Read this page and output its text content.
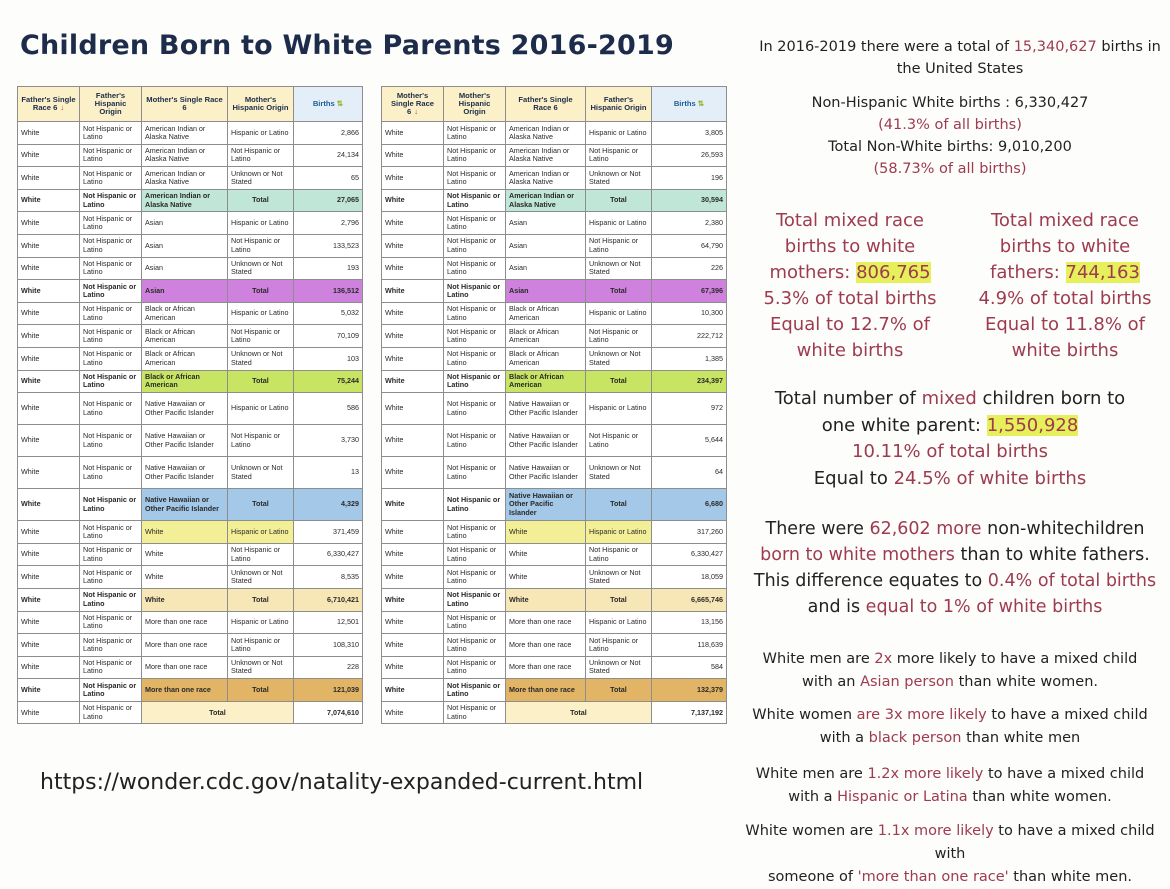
Children Born to White Parents 2016-2019
Father's Single Race 6 ↓	Father's Hispanic Origin	Mother's Single Race 6	Mother's Hispanic Origin	Births ⇅
White	Not Hispanic or Latino	American Indian or Alaska Native	Hispanic or Latino	2,866
White	Not Hispanic or Latino	American Indian or Alaska Native	Not Hispanic or Latino	24,134
White	Not Hispanic or Latino	American Indian or Alaska Native	Unknown or Not Stated	65
White	Not Hispanic or Latino	American Indian or Alaska Native	Total	27,065
White	Not Hispanic or Latino	Asian	Hispanic or Latino	2,796
White	Not Hispanic or Latino	Asian	Not Hispanic or Latino	133,523
White	Not Hispanic or Latino	Asian	Unknown or Not Stated	193
White	Not Hispanic or Latino	Asian	Total	136,512
White	Not Hispanic or Latino	Black or African American	Hispanic or Latino	5,032
White	Not Hispanic or Latino	Black or African American	Not Hispanic or Latino	70,109
White	Not Hispanic or Latino	Black or African American	Unknown or Not Stated	103
White	Not Hispanic or Latino	Black or African American	Total	75,244
White	Not Hispanic or Latino	Native Hawaiian or Other Pacific Islander	Hispanic or Latino	586
White	Not Hispanic or Latino	Native Hawaiian or Other Pacific Islander	Not Hispanic or Latino	3,730
White	Not Hispanic or Latino	Native Hawaiian or Other Pacific Islander	Unknown or Not Stated	13
White	Not Hispanic or Latino	Native Hawaiian or Other Pacific Islander	Total	4,329
White	Not Hispanic or Latino	White	Hispanic or Latino	371,459
White	Not Hispanic or Latino	White	Not Hispanic or Latino	6,330,427
White	Not Hispanic or Latino	White	Unknown or Not Stated	8,535
White	Not Hispanic or Latino	White	Total	6,710,421
White	Not Hispanic or Latino	More than one race	Hispanic or Latino	12,501
White	Not Hispanic or Latino	More than one race	Not Hispanic or Latino	108,310
White	Not Hispanic or Latino	More than one race	Unknown or Not Stated	228
White	Not Hispanic or Latino	More than one race	Total	121,039
White	Not Hispanic or Latino	Total		7,074,610
Mother's Single Race 6 ↓	Mother's Hispanic Origin	Father's Single Race 6	Father's Hispanic Origin	Births ⇅
White	Not Hispanic or Latino	American Indian or Alaska Native	Hispanic or Latino	3,805
White	Not Hispanic or Latino	American Indian or Alaska Native	Not Hispanic or Latino	26,593
White	Not Hispanic or Latino	American Indian or Alaska Native	Unknown or Not Stated	196
White	Not Hispanic or Latino	American Indian or Alaska Native	Total	30,594
White	Not Hispanic or Latino	Asian	Hispanic or Latino	2,380
White	Not Hispanic or Latino	Asian	Not Hispanic or Latino	64,790
White	Not Hispanic or Latino	Asian	Unknown or Not Stated	226
White	Not Hispanic or Latino	Asian	Total	67,396
White	Not Hispanic or Latino	Black or African American	Hispanic or Latino	10,300
White	Not Hispanic or Latino	Black or African American	Not Hispanic or Latino	222,712
White	Not Hispanic or Latino	Black or African American	Unknown or Not Stated	1,385
White	Not Hispanic or Latino	Black or African American	Total	234,397
White	Not Hispanic or Latino	Native Hawaiian or Other Pacific Islander	Hispanic or Latino	972
White	Not Hispanic or Latino	Native Hawaiian or Other Pacific Islander	Not Hispanic or Latino	5,644
White	Not Hispanic or Latino	Native Hawaiian or Other Pacific Islander	Unknown or Not Stated	64
White	Not Hispanic or Latino	Native Hawaiian or Other Pacific Islander	Total	6,680
White	Not Hispanic or Latino	White	Hispanic or Latino	317,260
White	Not Hispanic or Latino	White	Not Hispanic or Latino	6,330,427
White	Not Hispanic or Latino	White	Unknown or Not Stated	18,059
White	Not Hispanic or Latino	White	Total	6,665,746
White	Not Hispanic or Latino	More than one race	Hispanic or Latino	13,156
White	Not Hispanic or Latino	More than one race	Not Hispanic or Latino	118,639
White	Not Hispanic or Latino	More than one race	Unknown or Not Stated	584
White	Not Hispanic or Latino	More than one race	Total	132,379
White	Not Hispanic or Latino	Total		7,137,192

https://wonder.cdc.gov/natality-expanded-current.html

In 2016-2019 there were a total of 15,340,627 births in the United States

Non-Hispanic White births : 6,330,427
(41.3% of all births)
Total Non-White births: 9,010,200
(58.73% of all births)
Total mixed race
births to white
mothers: 806,765
5.3% of total births
Equal to 12.7% of
white births
Total mixed race
births to white
fathers: 744,163
4.9% of total births
Equal to 11.8% of
white births
Total number of mixed children born to
one white parent: 1,550,928
10.11% of total births
Equal to 24.5% of white births
There were 62,602 more non-whitechildren
born to white mothers than to white fathers.
This difference equates to 0.4% of total births
and is equal to 1% of white births
White men are 2x more likely to have a mixed child
with an Asian person than white women.
White women are 3x more likely to have a mixed child
with a black person than white men
White men are 1.2x more likely to have a mixed child
with a Hispanic or Latina than white women.
White women are 1.1x more likely to have a mixed child with
someone of 'more than one race' than white men.
